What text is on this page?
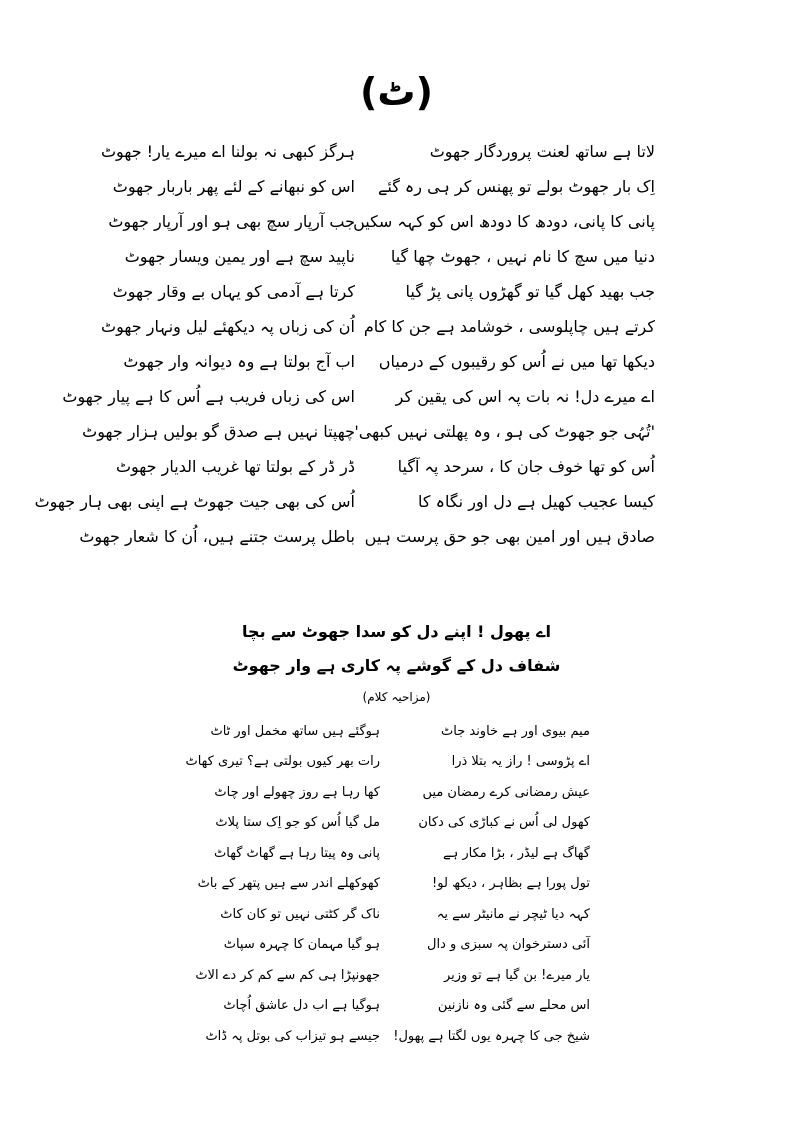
(ٹ)
لاتا ہے ساتھ لعنت پروردگار جھوٹ
ہرگز کبھی نہ بولنا اے میرے یار! جھوٹ
اِک بار جھوٹ بولے تو پھنس کر ہی رہ گئے
اس کو نبھانے کے لئے پھر باربار جھوٹ
پانی کا پانی، دودھ کا دودھ اس کو کہہ سکیں
جب آرپار سچ بھی ہو اور آرپار جھوٹ
دنیا میں سچ کا نام نہیں ، جھوٹ چھا گیا
ناپید سچ ہے اور یمین ویسار جھوٹ
جب بھید کھل گیا تو گھڑوں پانی پڑ گیا
کرتا ہے آدمی کو یہاں بے وقار جھوٹ
کرتے ہیں چاپلوسی ، خوشامد ہے جن کا کام
اُن کی زباں پہ دیکھئے لیل ونہار جھوٹ
دیکھا تھا میں نے اُس کو رقیبوں کے درمیاں
اب آج بولتا ہے وہ دیوانہ وار جھوٹ
اے میرے دل! نہ بات پہ اس کی یقین کر
اس کی زباں فریب ہے اُس کا ہے پیار جھوٹ
'تُہُی جو جھوٹ کی ہو ، وہ پھلتی نہیں کبھی'
چھپتا نہیں ہے صدق گو بولیں ہزار جھوٹ
اُس کو تھا خوف جان کا ، سرحد پہ آگیا
ڈر ڈر کے بولتا تھا غریب الدیار جھوٹ
کیسا عجیب کھیل ہے دل اور نگاہ کا
اُس کی بھی جیت جھوٹ ہے اپنی بھی ہار جھوٹ
صادق ہیں اور امین بھی جو حق پرست ہیں
باطل پرست جتنے ہیں، اُن کا شعار جھوٹ
اے پھول ! اپنے دل کو سدا جھوٹ سے بچا
شفاف دل کے گوشے پہ کاری ہے وار جھوٹ
(مزاحیہ کلام)
میم بیوی اور ہے خاوند جاٹ
ہوگئے ہیں ساتھ مخمل اور ٹاٹ
اے پڑوسی ! راز یہ بتلا ذرا
رات بھر کیوں بولتی ہے؟ تیری کھاٹ
عیش رمضانی کرے رمضان میں
کھا رہا ہے روز چھولے اور چاٹ
کھول لی اُس نے کباڑی کی دکان
مل گیا اُس کو جو اِک ستا پلاٹ
گھاگ ہے لیڈر ، بڑا مکار ہے
پانی وہ پیتا رہا ہے گھاٹ گھاٹ
تول پورا ہے بظاہر ، دیکھ لو!
کھوکھلے اندر سے ہیں پتھر کے باٹ
کہہ دیا ٹیچر نے مانیٹر سے یہ
ناک گر کٹتی نہیں تو کان کاٹ
آئی دسترخوان پہ سبزی و دال
ہو گیا مہمان کا چہرہ سپاٹ
یار میرے! بن گیا ہے تو وزیر
جھونپڑا ہی کم سے کم کر دے الاٹ
اس محلے سے گئی وہ نازنین
ہوگیا ہے اب دل عاشق اُچاٹ
شیخ جی کا چہرہ یوں لگتا ہے پھول!
جیسے ہو تیزاب کی بوتل پہ ڈاٹ
